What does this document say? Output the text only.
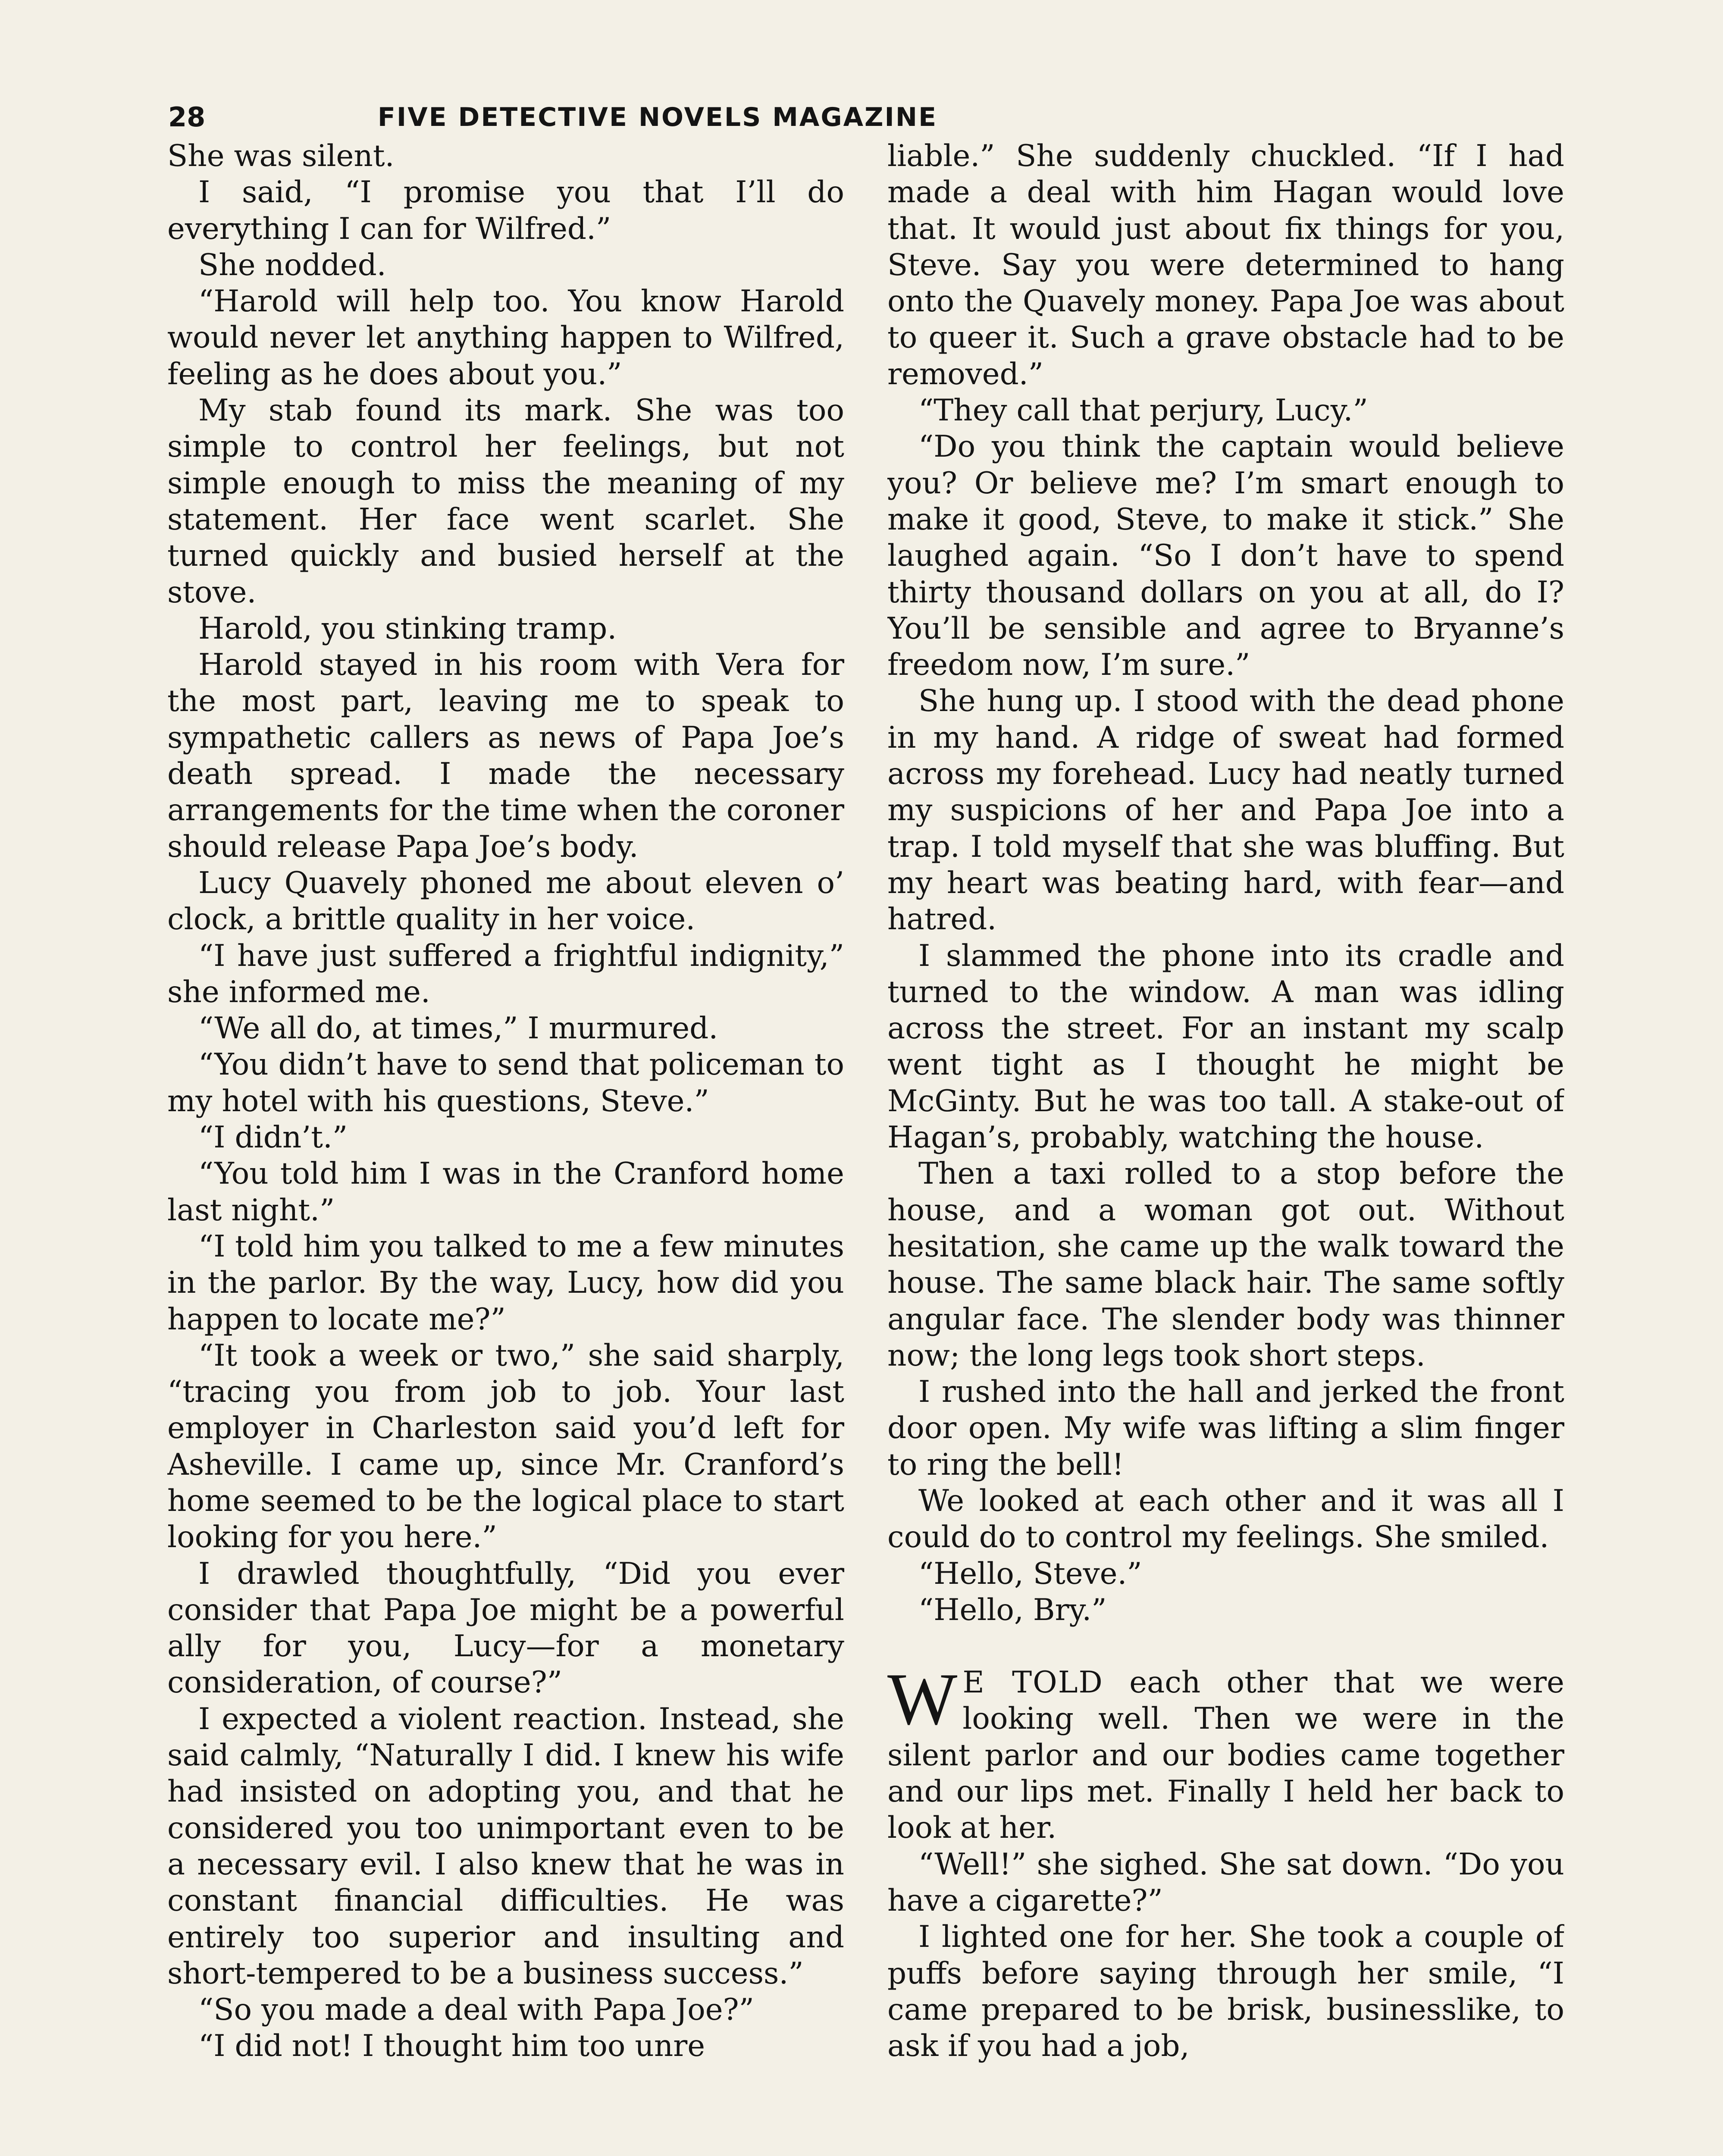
28	FIVE DETECTIVE NOVELS MAGAZINE

She was silent.

I said, “I promise you that I’ll do everything I can for Wilfred.”

She nodded.

“Harold will help too. You know Harold would never let anything happen to Wilfred, feeling as he does about you.”

My stab found its mark. She was too simple to control her feelings, but not simple enough to miss the meaning of my statement. Her face went scarlet. She turned quickly and busied herself at the stove.

Harold, you stinking tramp.

Harold stayed in his room with Vera for the most part, leaving me to speak to sympathetic callers as news of Papa Joe’s death spread. I made the necessary arrangements for the time when the coroner should release Papa Joe’s body.

Lucy Quavely phoned me about eleven o’ clock, a brittle quality in her voice.

“I have just suffered a frightful indignity,” she informed me.

“We all do, at times,” I murmured.

“You didn’t have to send that policeman to my hotel with his questions, Steve.”

“I didn’t.”

“You told him I was in the Cranford home last night.”

“I told him you talked to me a few minutes in the parlor. By the way, Lucy, how did you happen to locate me?”

“It took a week or two,” she said sharply, “tracing you from job to job. Your last employer in Charleston said you’d left for Asheville. I came up, since Mr. Cranford’s home seemed to be the logical place to start looking for you here.”

I drawled thoughtfully, “Did you ever consider that Papa Joe might be a powerful ally for you, Lucy—for a monetary consideration, of course?”

I expected a violent reaction. Instead, she said calmly, “Naturally I did. I knew his wife had insisted on adopting you, and that he considered you too unimportant even to be a necessary evil. I also knew that he was in constant financial difficulties. He was entirely too superior and insulting and short-tempered to be a business success.”

“So you made a deal with Papa Joe?”

“I did not! I thought him too unre

liable.” She suddenly chuckled. “If I had made a deal with him Hagan would love that. It would just about fix things for you, Steve. Say you were determined to hang onto the Quavely money. Papa Joe was about to queer it. Such a grave obstacle had to be removed.”

“They call that perjury, Lucy.”

“Do you think the captain would believe you? Or believe me? I’m smart enough to make it good, Steve, to make it stick.” She laughed again. “So I don’t have to spend thirty thousand dollars on you at all, do I? You’ll be sensible and agree to Bryanne’s freedom now, I’m sure.”

She hung up. I stood with the dead phone in my hand. A ridge of sweat had formed across my forehead. Lucy had neatly turned my suspicions of her and Papa Joe into a trap. I told myself that she was bluffing. But my heart was beating hard, with fear—and hatred.

I slammed the phone into its cradle and turned to the window. A man was idling across the street. For an instant my scalp went tight as I thought he might be McGinty. But he was too tall. A stake-out of Hagan’s, probably, watching the house.

Then a taxi rolled to a stop before the house, and a woman got out. Without hesitation, she came up the walk toward the house. The same black hair. The same softly angular face. The slender body was thinner now; the long legs took short steps.

I rushed into the hall and jerked the front door open. My wife was lifting a slim finger to ring the bell!

We looked at each other and it was all I could do to control my feelings. She smiled.

“Hello, Steve.”

“Hello, Bry.”

W E TOLD each other that we were looking well. Then we were in the silent parlor and our bodies came together and our lips met. Finally I held her back to look at her.

“Well!” she sighed. She sat down. “Do you have a cigarette?”

I lighted one for her. She took a couple of puffs before saying through her smile, “I came prepared to be brisk, businesslike, to ask if you had a job,
